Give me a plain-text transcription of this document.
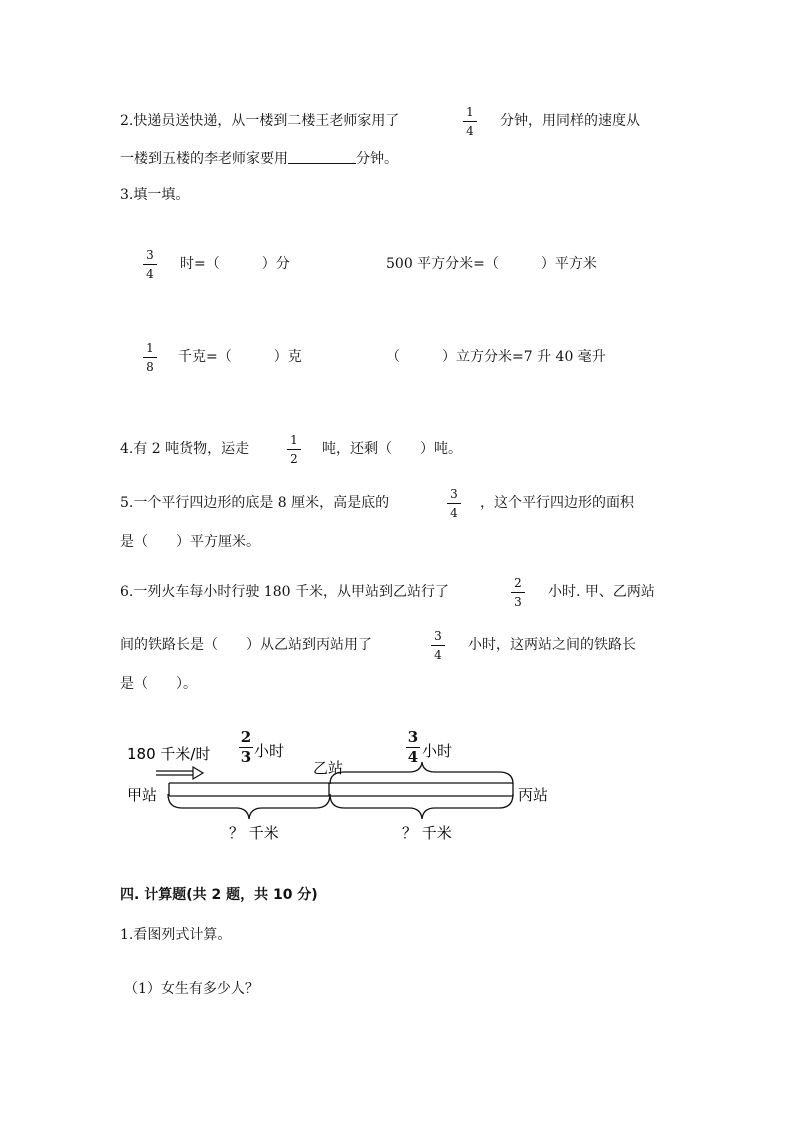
2.快递员送快递，从一楼到二楼王老师家用了
1
4
分钟，用同样的速度从
一楼到五楼的李老师家要用	分钟。
3.填一填。
3
4
时=（　　　）分	500 平方分米=（　　　）平方米
1
8
千克=（　　　）克	（　　　）立方分米=7 升 40 毫升
4.有 2 吨货物，运走
1
2
吨，还剩（　　）吨。
5.一个平行四边形的底是 8 厘米，高是底的
3
4
，这个平行四边形的面积
是（　　）平方厘米。
6.一列火车每小时行驶 180 千米，从甲站到乙站行了
2
3
小时. 甲、乙两站
间的铁路长是（　　）从乙站到丙站用了
3
4
小时，这两站之间的铁路长
是（　　）。
180 千米/时
甲站
乙站
丙站
小时	小时
？ 千米	？ 千米
2
3
3
4
四. 计算题(共 2 题，共 10 分)
1.看图列式计算。
（1）女生有多少人？
